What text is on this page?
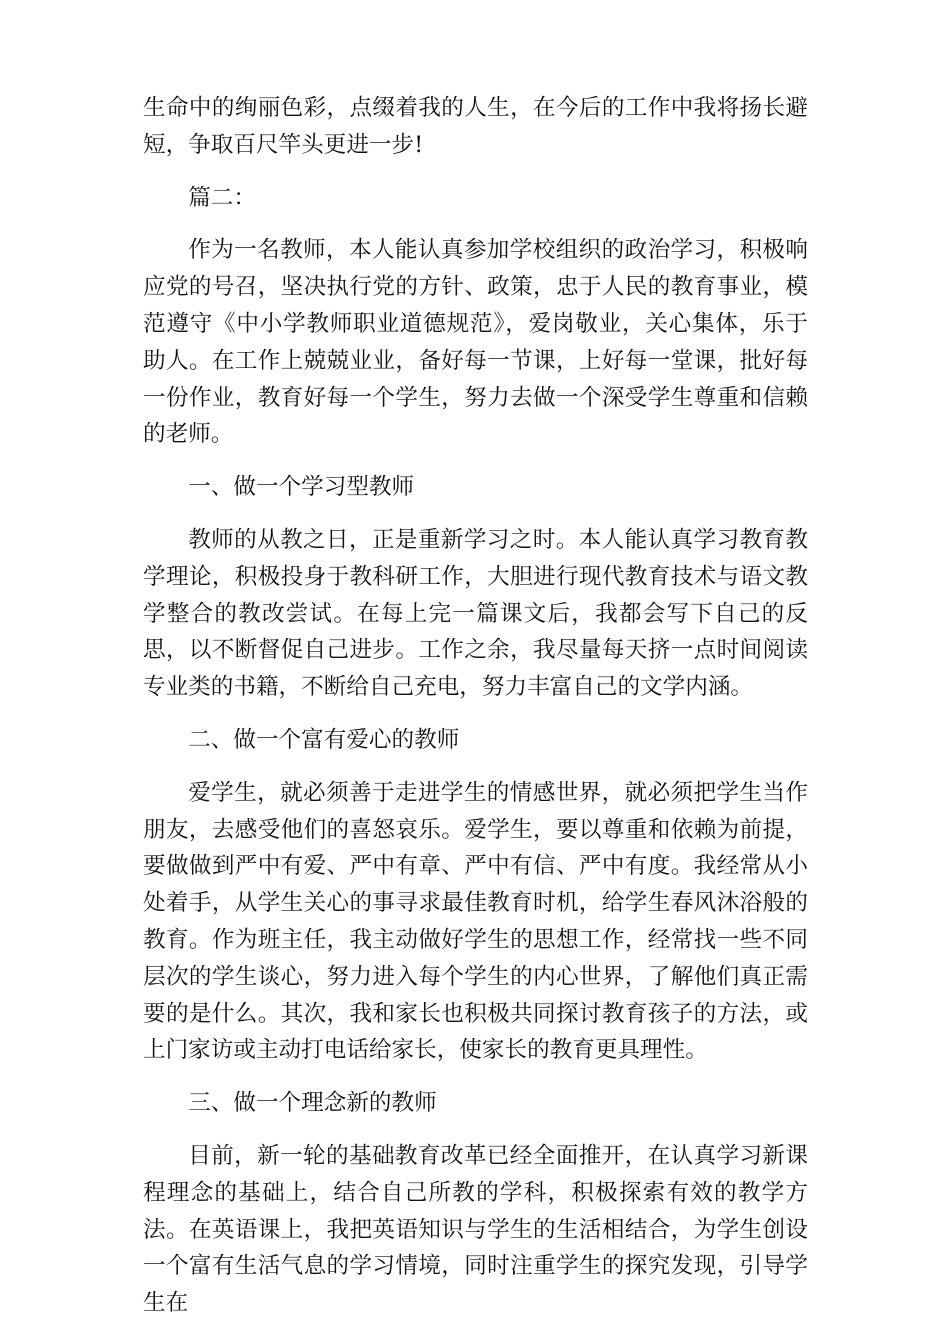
生命中的绚丽色彩，点缀着我的人生，在今后的工作中我将扬长避短，争取百尺竿头更进一步!

篇二：

作为一名教师，本人能认真参加学校组织的政治学习，积极响应党的号召，坚决执行党的方针、政策，忠于人民的教育事业，模范遵守《中小学教师职业道德规范》，爱岗敬业，关心集体，乐于助人。在工作上兢兢业业，备好每一节课，上好每一堂课，批好每一份作业，教育好每一个学生，努力去做一个深受学生尊重和信赖的老师。

一、做一个学习型教师

教师的从教之日，正是重新学习之时。本人能认真学习教育教学理论，积极投身于教科研工作，大胆进行现代教育技术与语文教学整合的教改尝试。在每上完一篇课文后，我都会写下自己的反思，以不断督促自己进步。工作之余，我尽量每天挤一点时间阅读专业类的书籍，不断给自己充电，努力丰富自己的文学内涵。

二、做一个富有爱心的教师

爱学生，就必须善于走进学生的情感世界，就必须把学生当作朋友，去感受他们的喜怒哀乐。爱学生，要以尊重和依赖为前提，要做做到严中有爱、严中有章、严中有信、严中有度。我经常从小处着手，从学生关心的事寻求最佳教育时机，给学生春风沐浴般的教育。作为班主任，我主动做好学生的思想工作，经常找一些不同层次的学生谈心，努力进入每个学生的内心世界，了解他们真正需要的是什么。其次，我和家长也积极共同探讨教育孩子的方法，或上门家访或主动打电话给家长，使家长的教育更具理性。

三、做一个理念新的教师

目前，新一轮的基础教育改革已经全面推开，在认真学习新课程理念的基础上，结合自己所教的学科，积极探索有效的教学方法。在英语课上，我把英语知识与学生的生活相结合，为学生创设一个富有生活气息的学习情境，同时注重学生的探究发现，引导学生在
